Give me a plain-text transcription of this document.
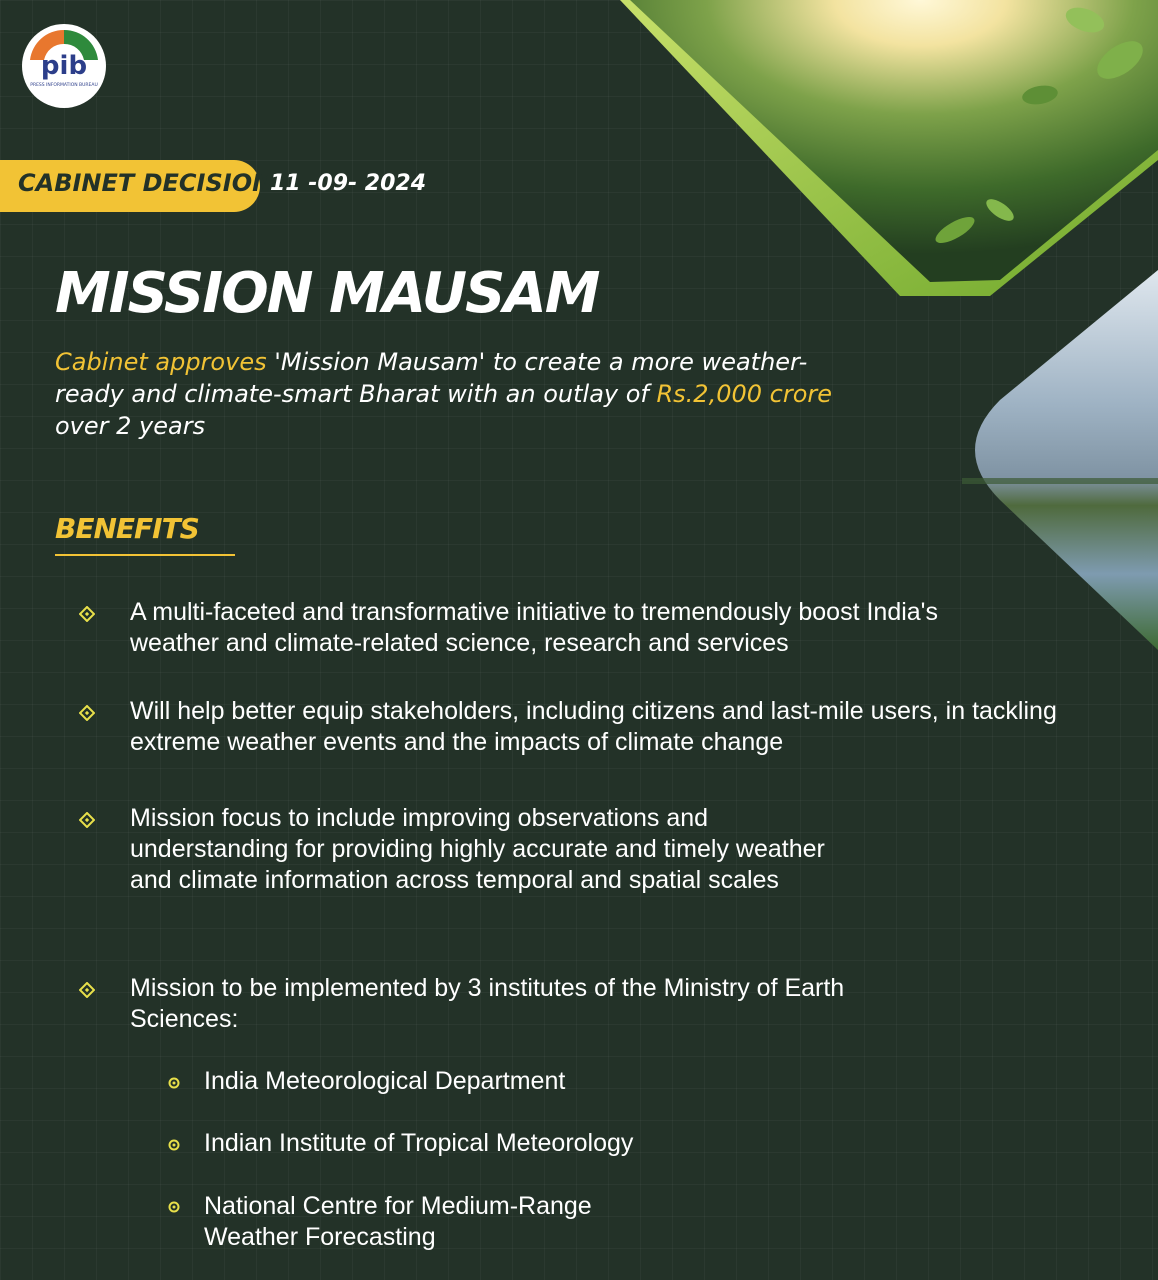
pib
PRESS INFORMATION BUREAU
CABINET DECISION
11 -09- 2024
MISSION MAUSAM
Cabinet approves 'Mission Mausam' to create a more weather-ready and climate-smart Bharat with an outlay of Rs.2,000 crore over 2 years
BENEFITS
A multi-faceted and transformative initiative to tremendously boost India's weather and climate-related science, research and services
Will help better equip stakeholders, including citizens and last-mile users, in tackling extreme weather events and the impacts of climate change
Mission focus to include improving observations and understanding for providing highly accurate and timely weather and climate information across temporal and spatial scales
Mission to be implemented by 3 institutes of the Ministry of Earth Sciences:
India Meteorological Department
Indian Institute of Tropical Meteorology
National Centre for Medium-Range Weather Forecasting
